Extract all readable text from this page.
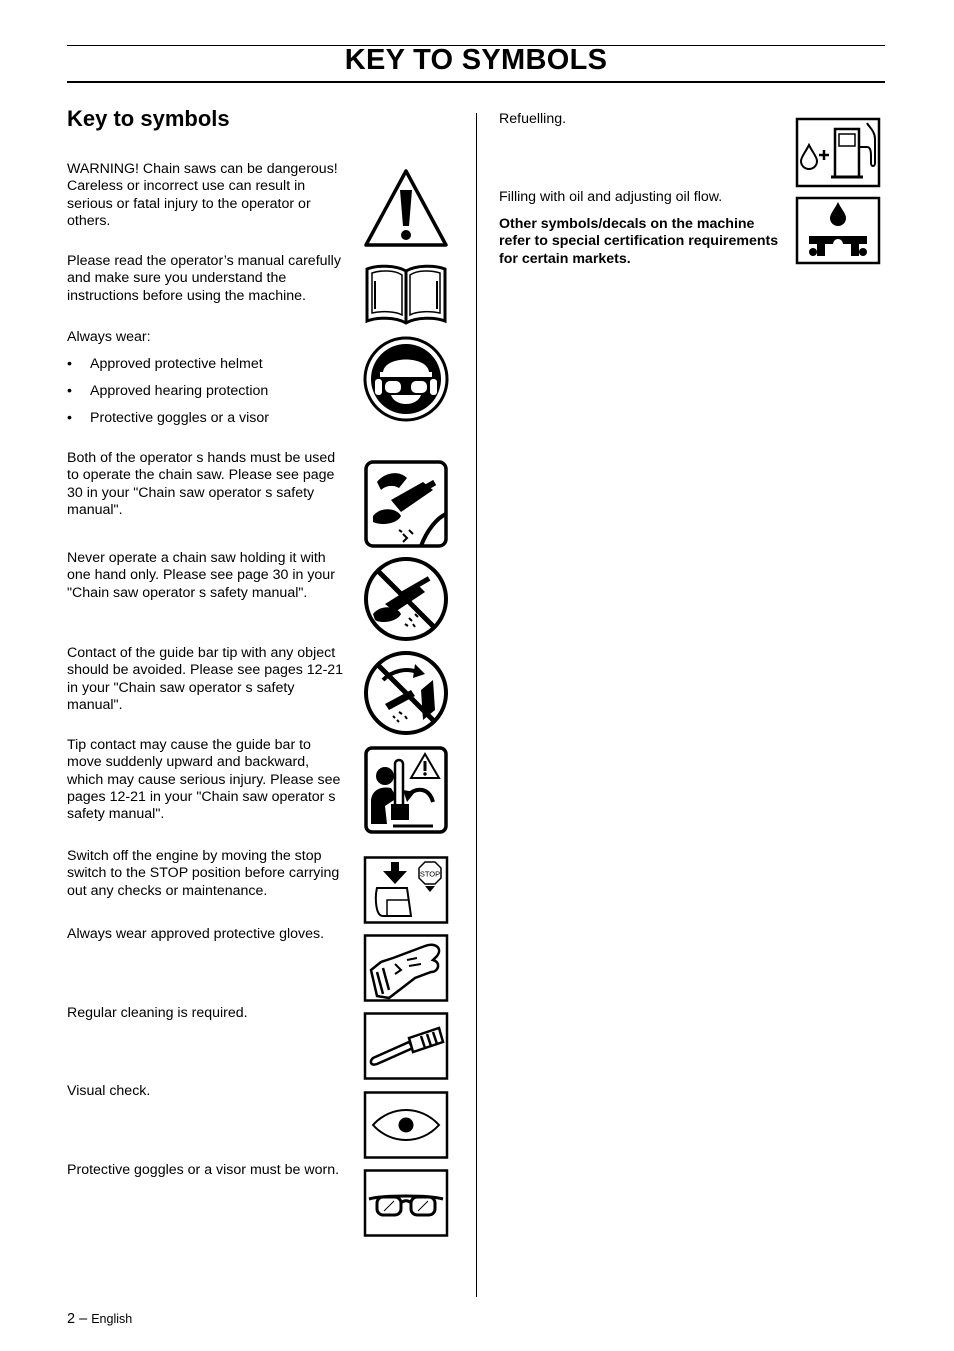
KEY TO SYMBOLS
Key to symbols

WARNING! Chain saws can be dangerous! Careless or incorrect use can result in serious or fatal injury to the operator or others.

Please read the operator’s manual carefully and make sure you understand the instructions before using the machine.

Always wear:

• Approved protective helmet
• Approved hearing protection
• Protective goggles or a visor

Both of the operator s hands must be used to operate the chain saw. Please see page 30 in your "Chain saw operator s safety manual".

Never operate a chain saw holding it with one hand only. Please see page 30 in your "Chain saw operator s safety manual".

Contact of the guide bar tip with any object should be avoided. Please see pages 12-21 in your "Chain saw operator s safety manual".

Tip contact may cause the guide bar to move suddenly upward and backward, which may cause serious injury. Please see pages 12-21 in your "Chain saw operator s safety manual".

Switch off the engine by moving the stop switch to the STOP position before carrying out any checks or maintenance.

Always wear approved protective gloves.

Regular cleaning is required.

Visual check.

Protective goggles or a visor must be worn.

Refuelling.

Filling with oil and adjusting oil flow.

Other symbols/decals on the machine refer to special certification requirements for certain markets.

STOP
2 – English
